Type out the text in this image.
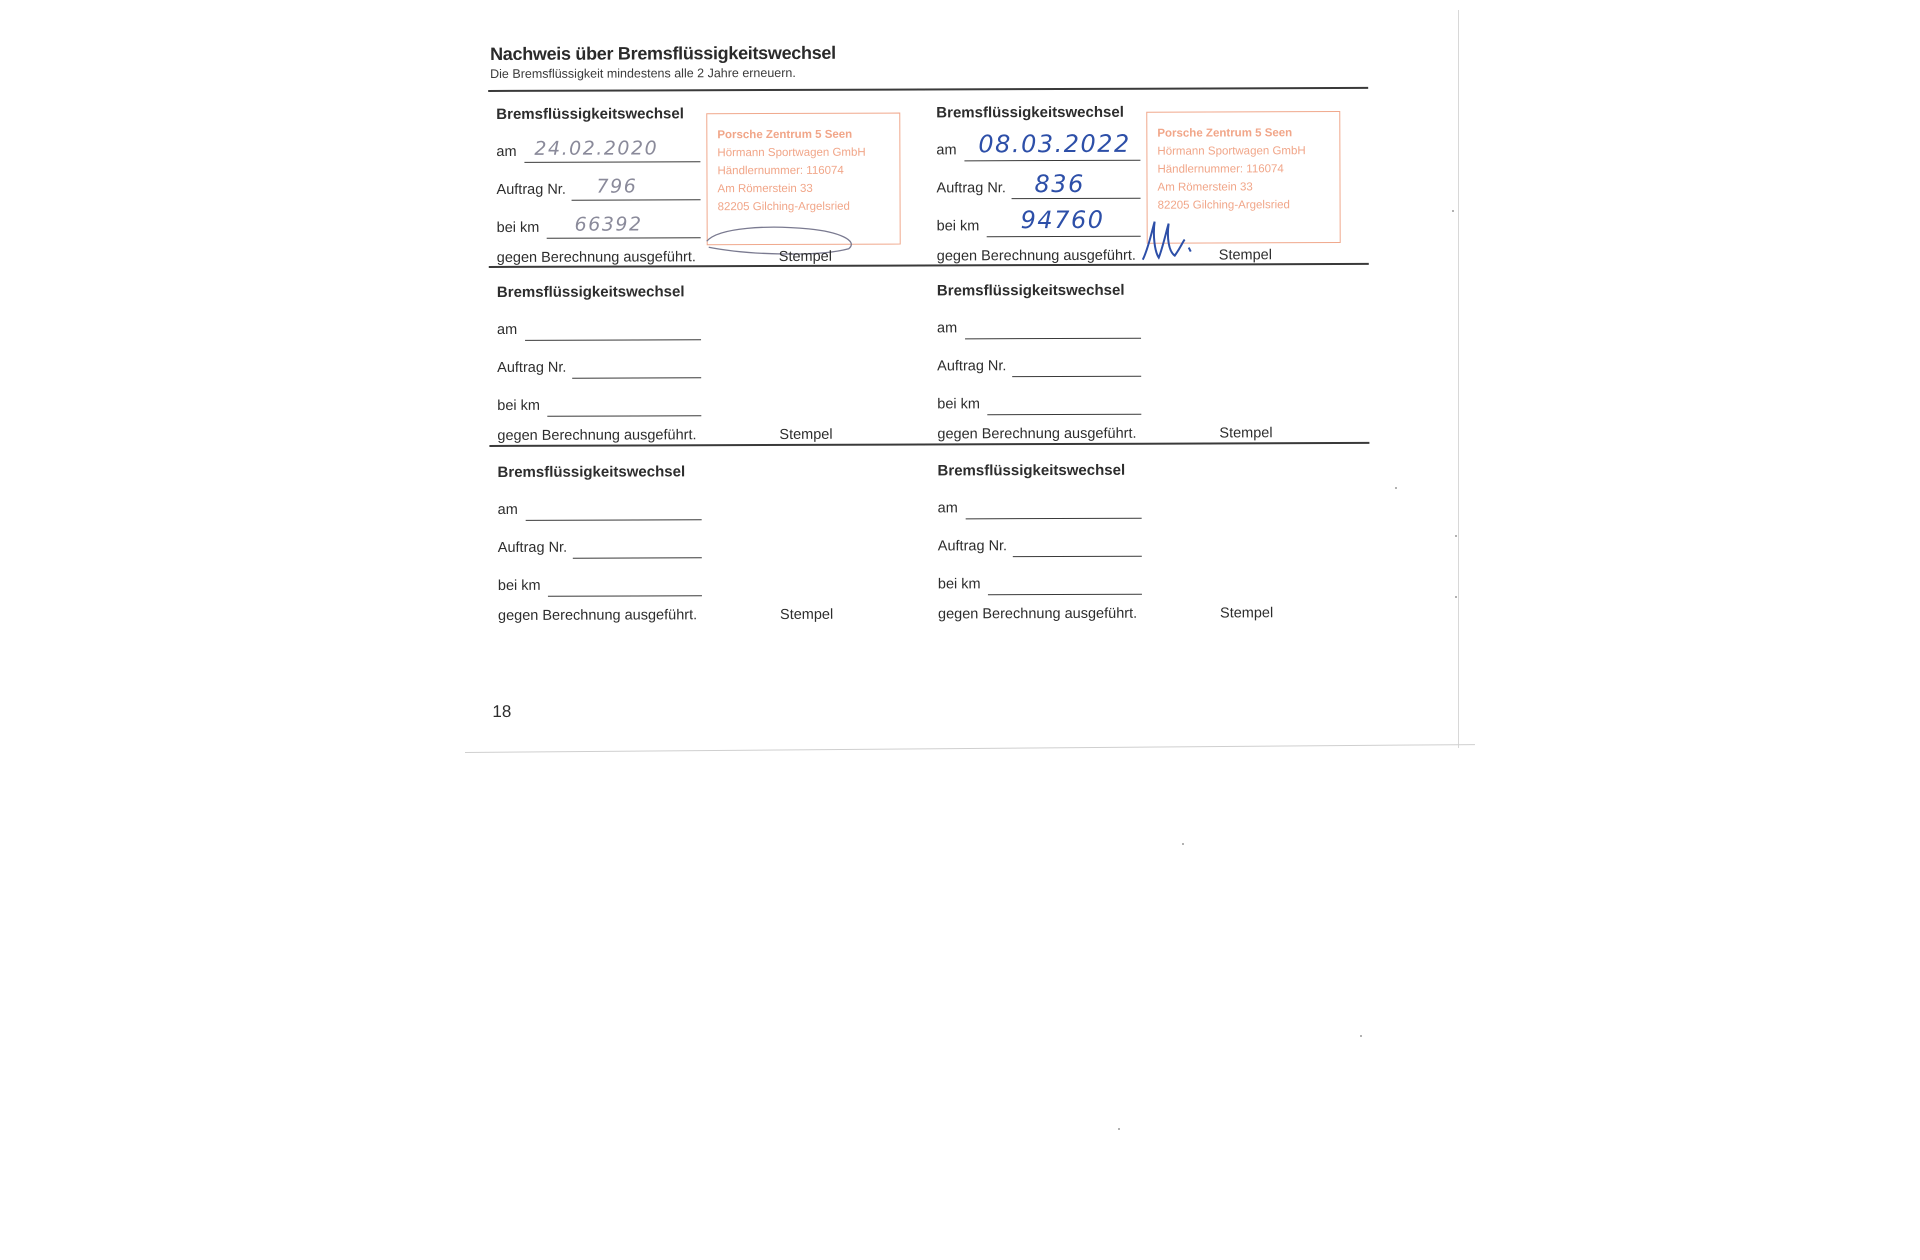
Nachweis über Bremsflüssigkeitswechsel
Die Bremsflüssigkeit mindestens alle 2 Jahre erneuern.
Bremsflüssigkeitswechsel
am 24.02.2020
Auftrag Nr. 796
bei km 66392
gegen Berechnung ausgeführt.
Porsche Zentrum 5 Seen
Hörmann Sportwagen GmbH
Händlernummer: 116074
Am Römerstein 33
82205 Gilching-Argelsried
Stempel
Bremsflüssigkeitswechsel
am 08.03.2022
Auftrag Nr. 836
bei km 94760
gegen Berechnung ausgeführt.
Porsche Zentrum 5 Seen
Hörmann Sportwagen GmbH
Händlernummer: 116074
Am Römerstein 33
82205 Gilching-Argelsried
Stempel
Bremsflüssigkeitswechsel
am
Auftrag Nr.
bei km
gegen Berechnung ausgeführt.	Stempel
Bremsflüssigkeitswechsel
am
Auftrag Nr.
bei km
gegen Berechnung ausgeführt.	Stempel
Bremsflüssigkeitswechsel
am
Auftrag Nr.
bei km
gegen Berechnung ausgeführt.	Stempel
Bremsflüssigkeitswechsel
am
Auftrag Nr.
bei km
gegen Berechnung ausgeführt.	Stempel
18
